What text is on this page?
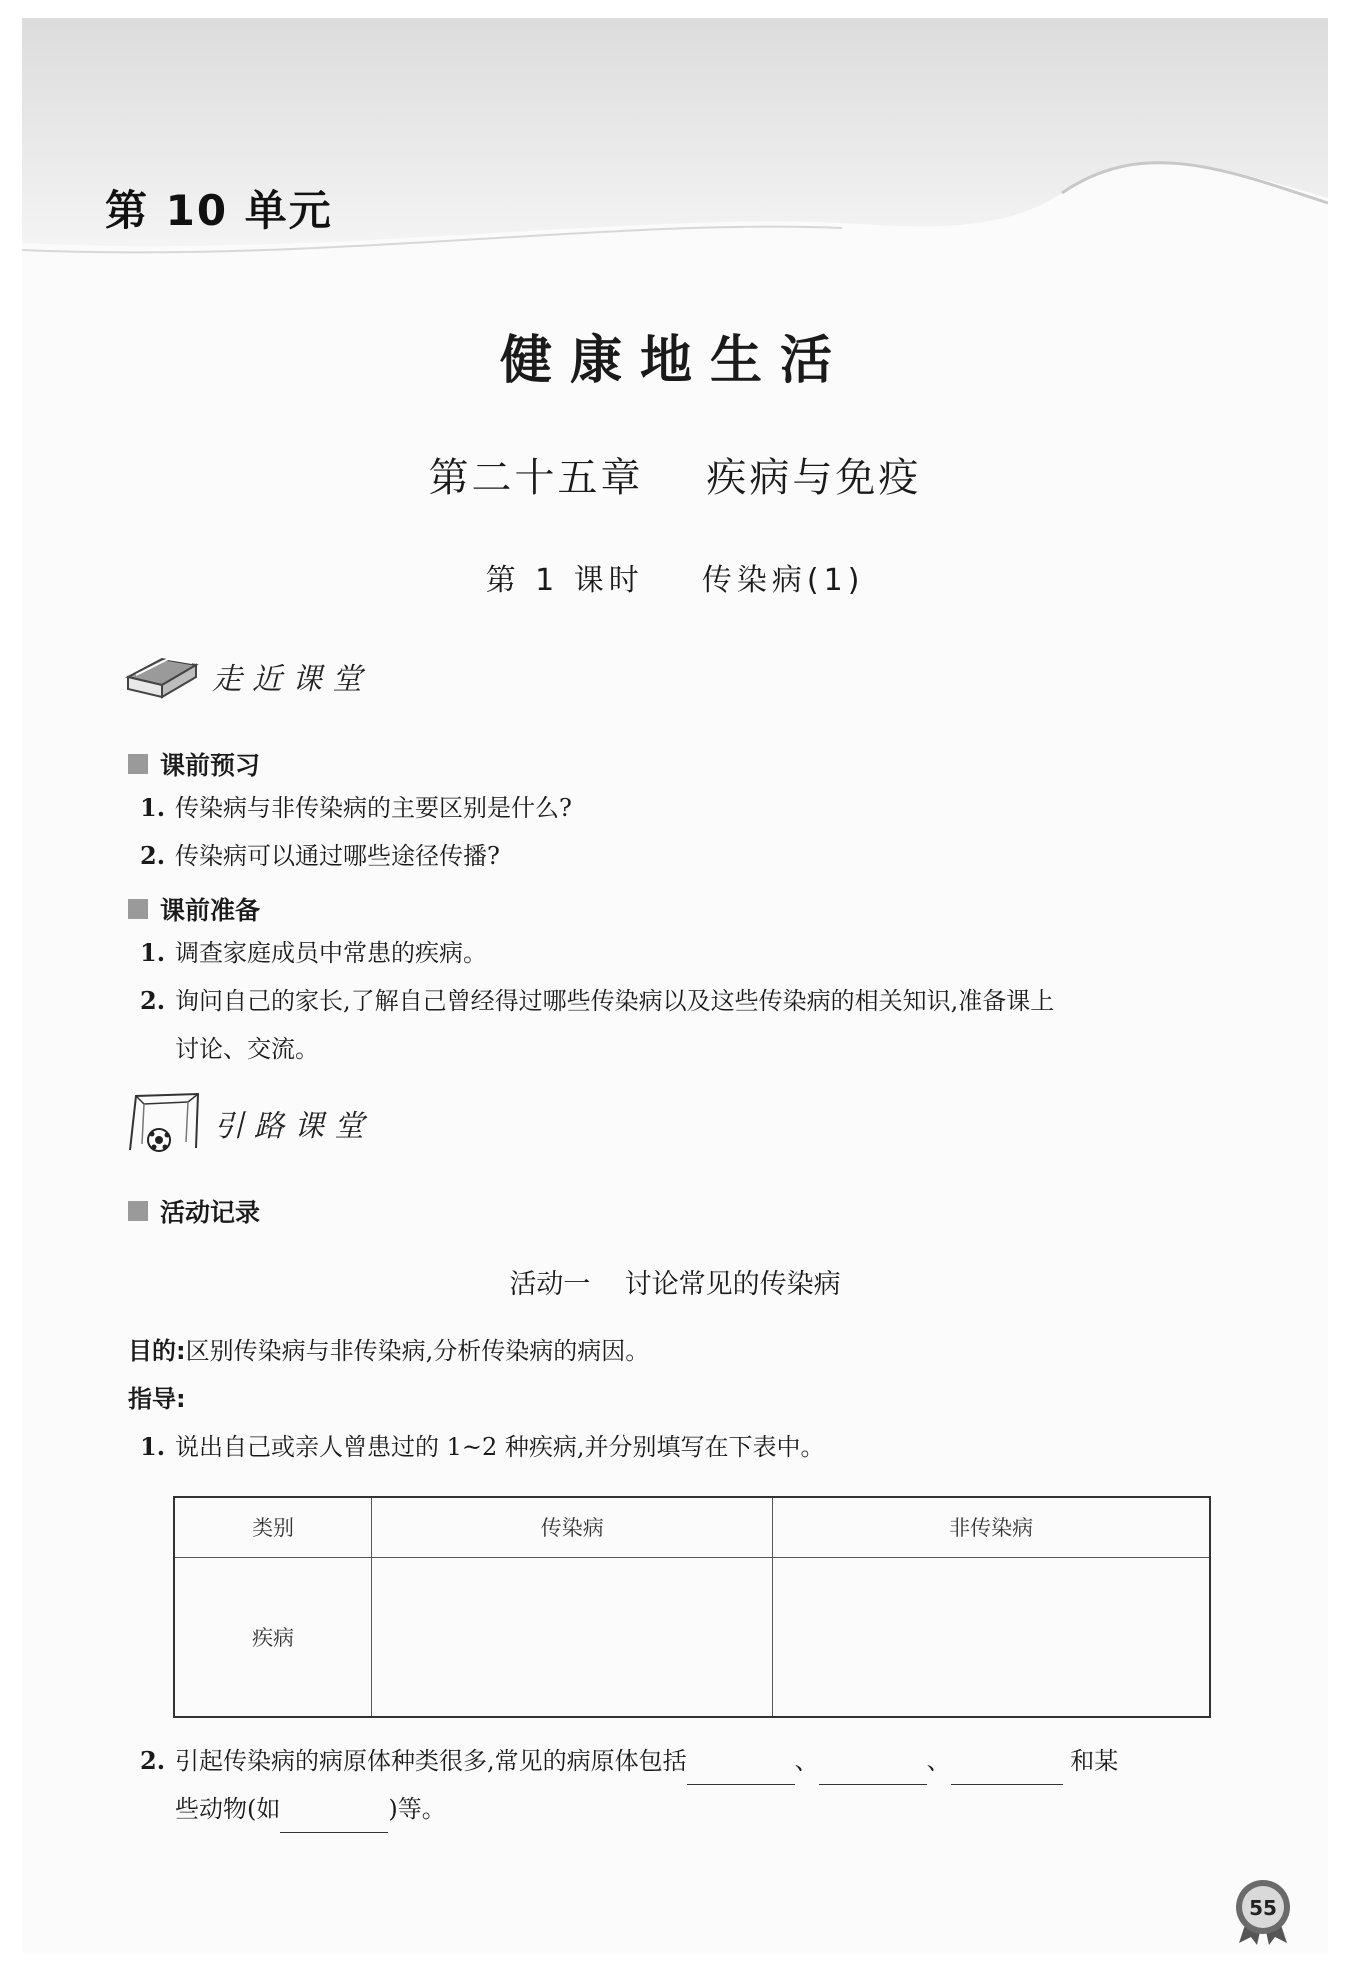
第 10 单元
健康地生活
第二十五章    疾病与免疫
第 1 课时    传染病(1)
走近课堂
课前预习
1. 传染病与非传染病的主要区别是什么?
2. 传染病可以通过哪些途径传播?
课前准备
1. 调查家庭成员中常患的疾病。
2. 询问自己的家长,了解自己曾经得过哪些传染病以及这些传染病的相关知识,准备课上
讨论、交流。
引路课堂
活动记录
活动一    讨论常见的传染病
目的:区别传染病与非传染病,分析传染病的病因。
指导:
1. 说出自己或亲人曾患过的 1~2 种疾病,并分别填写在下表中。
类别	传染病	非传染病
疾病		
2. 引起传染病的病原体种类很多,常见的病原体包括	、	、	和某
些动物(如	)等。
55
